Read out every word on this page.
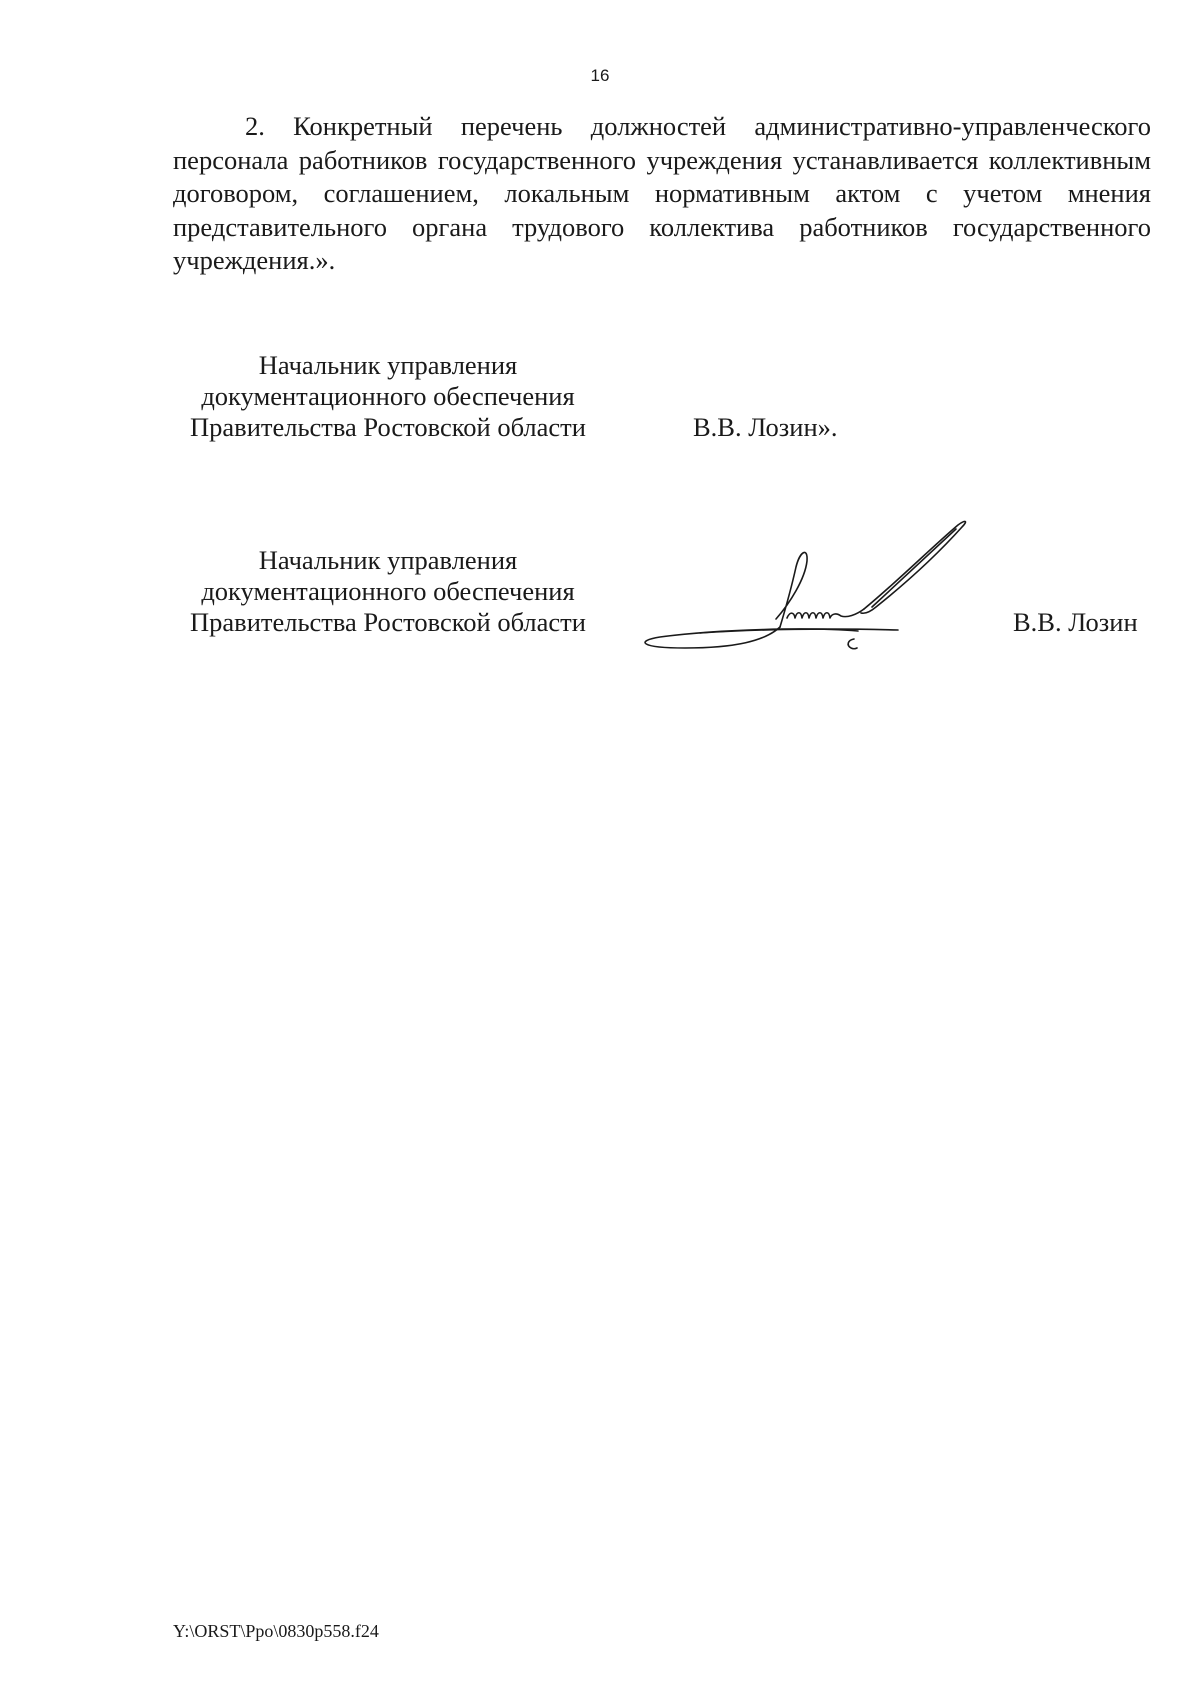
16

2. Конкретный перечень должностей административно-управленческого персонала работников государственного учреждения устанавливается коллективным договором, соглашением, локальным нормативным актом с учетом мнения представительного органа трудового коллектива работников государственного учреждения.».

Начальник управления
документационного обеспечения
Правительства Ростовской области	В.В. Лозин».
Начальник управления
документационного обеспечения
Правительства Ростовской области	В.В. Лозин
Y:\ORST\Ppo\0830p558.f24
